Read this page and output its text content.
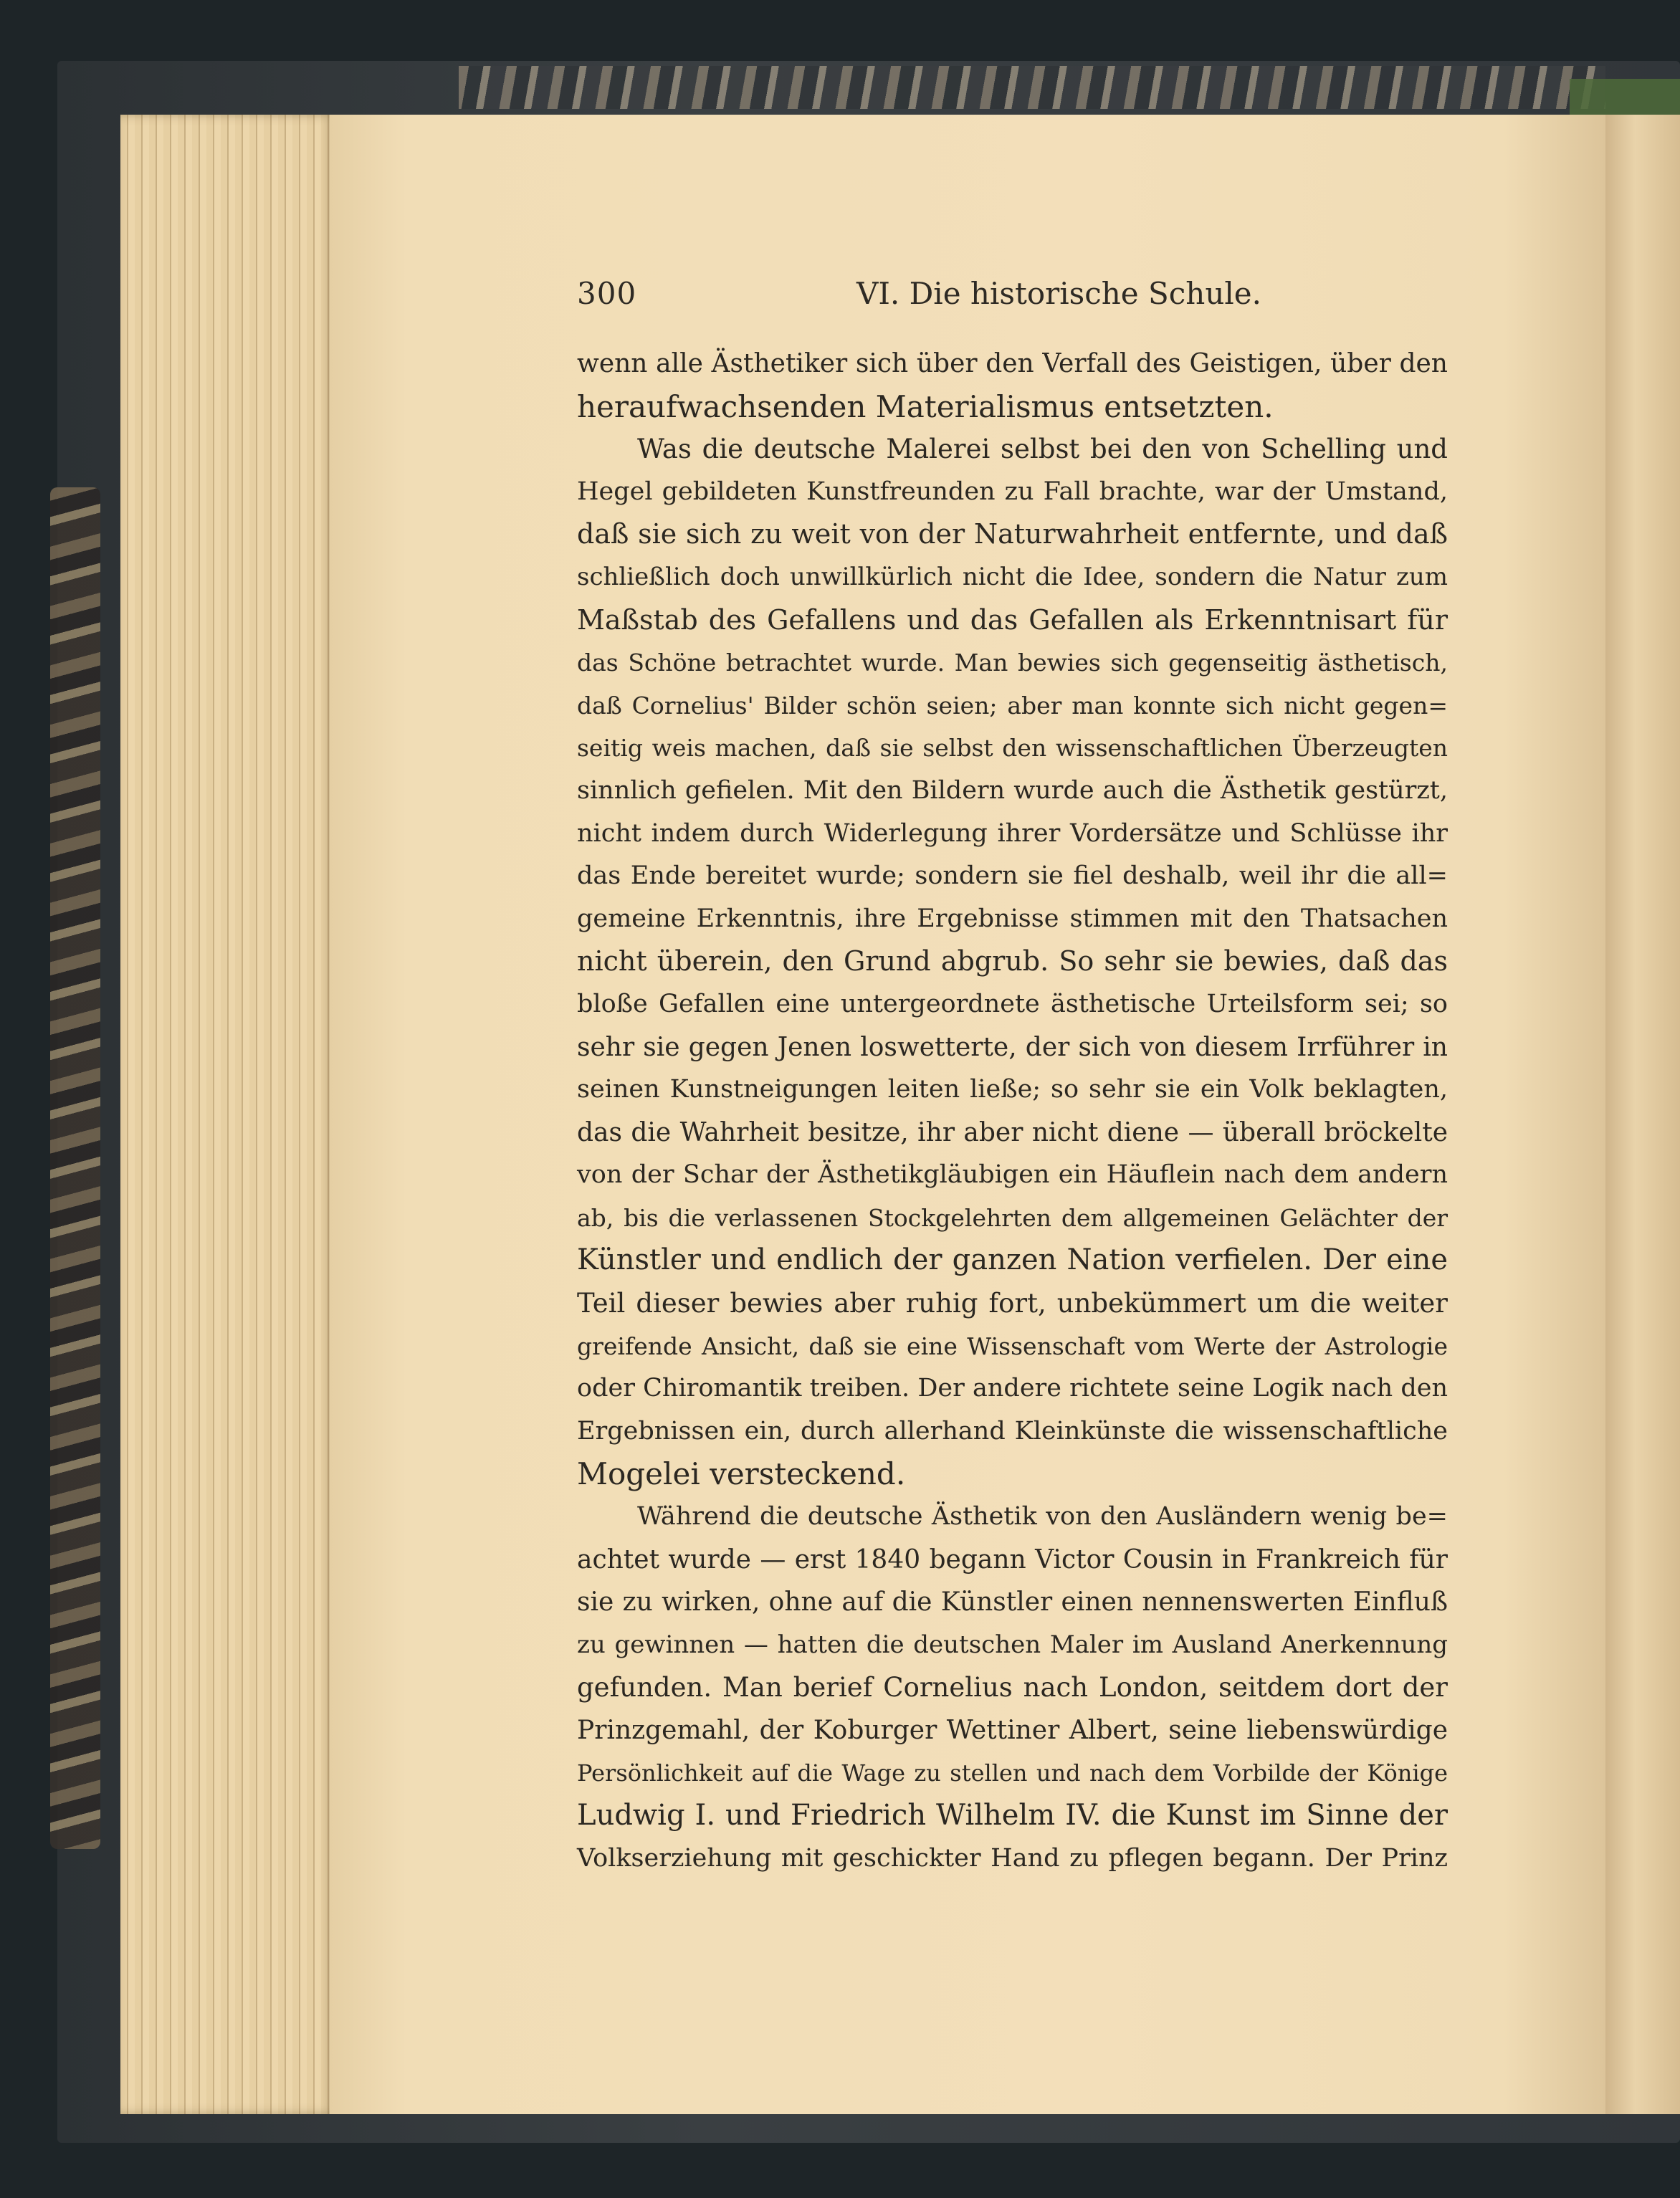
300	VI. Die historische Schule.
wenn alle Ästhetiker sich über den Verfall des Geistigen, über den
heraufwachsenden Materialismus entsetzten.
Was die deutsche Malerei selbst bei den von Schelling und
Hegel gebildeten Kunstfreunden zu Fall brachte, war der Umstand,
daß sie sich zu weit von der Naturwahrheit entfernte, und daß
schließlich doch unwillkürlich nicht die Idee, sondern die Natur zum
Maßstab des Gefallens und das Gefallen als Erkenntnisart für
das Schöne betrachtet wurde. Man bewies sich gegenseitig ästhetisch,
daß Cornelius' Bilder schön seien; aber man konnte sich nicht gegen=
seitig weis machen, daß sie selbst den wissenschaftlichen Überzeugten
sinnlich gefielen. Mit den Bildern wurde auch die Ästhetik gestürzt,
nicht indem durch Widerlegung ihrer Vordersätze und Schlüsse ihr
das Ende bereitet wurde; sondern sie fiel deshalb, weil ihr die all=
gemeine Erkenntnis, ihre Ergebnisse stimmen mit den Thatsachen
nicht überein, den Grund abgrub. So sehr sie bewies, daß das
bloße Gefallen eine untergeordnete ästhetische Urteilsform sei; so
sehr sie gegen Jenen loswetterte, der sich von diesem Irrführer in
seinen Kunstneigungen leiten ließe; so sehr sie ein Volk beklagten,
das die Wahrheit besitze, ihr aber nicht diene — überall bröckelte
von der Schar der Ästhetikgläubigen ein Häuflein nach dem andern
ab, bis die verlassenen Stockgelehrten dem allgemeinen Gelächter der
Künstler und endlich der ganzen Nation verfielen. Der eine
Teil dieser bewies aber ruhig fort, unbekümmert um die weiter
greifende Ansicht, daß sie eine Wissenschaft vom Werte der Astrologie
oder Chiromantik treiben. Der andere richtete seine Logik nach den
Ergebnissen ein, durch allerhand Kleinkünste die wissenschaftliche
Mogelei versteckend.
Während die deutsche Ästhetik von den Ausländern wenig be=
achtet wurde — erst 1840 begann Victor Cousin in Frankreich für
sie zu wirken, ohne auf die Künstler einen nennenswerten Einfluß
zu gewinnen — hatten die deutschen Maler im Ausland Anerkennung
gefunden. Man berief Cornelius nach London, seitdem dort der
Prinzgemahl, der Koburger Wettiner Albert, seine liebenswürdige
Persönlichkeit auf die Wage zu stellen und nach dem Vorbilde der Könige
Ludwig I. und Friedrich Wilhelm IV. die Kunst im Sinne der
Volkserziehung mit geschickter Hand zu pflegen begann. Der Prinz
